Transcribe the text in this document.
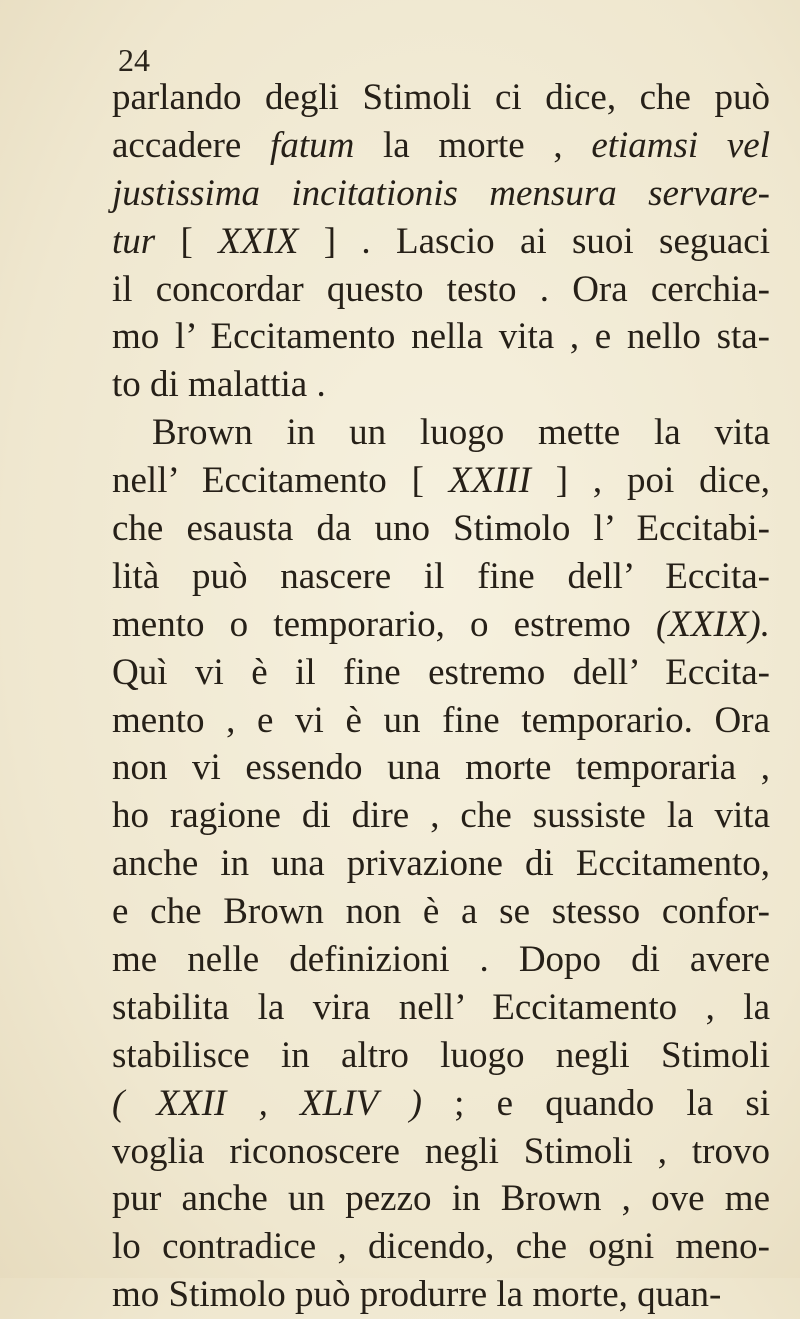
24
parlando degli Stimoli ci dice, che può
accadere fatum la morte , etiamsi vel
justissima incitationis mensura servare-
tur [ XXIX ] . Lascio ai suoi seguaci
il concordar questo testo . Ora cerchia-
mo l’ Eccitamento nella vita , e nello sta-
to di malattia .
Brown in un luogo mette la vita
nell’ Eccitamento [ XXIII ] , poi dice,
che esausta da uno Stimolo l’ Eccitabi-
lità può nascere il fine dell’ Eccita-
mento o temporario, o estremo (XXIX).
Quì vi è il fine estremo dell’ Eccita-
mento , e vi è un fine temporario. Ora
non vi essendo una morte temporaria ,
ho ragione di dire , che sussiste la vita
anche in una privazione di Eccitamento,
e che Brown non è a se stesso confor-
me nelle definizioni . Dopo di avere
stabilita la vira nell’ Eccitamento , la
stabilisce in altro luogo negli Stimoli
( XXII , XLIV ) ; e quando la si
voglia riconoscere negli Stimoli , trovo
pur anche un pezzo in Brown , ove me
lo contradice , dicendo, che ogni meno-
mo Stimolo può produrre la morte, quan-
